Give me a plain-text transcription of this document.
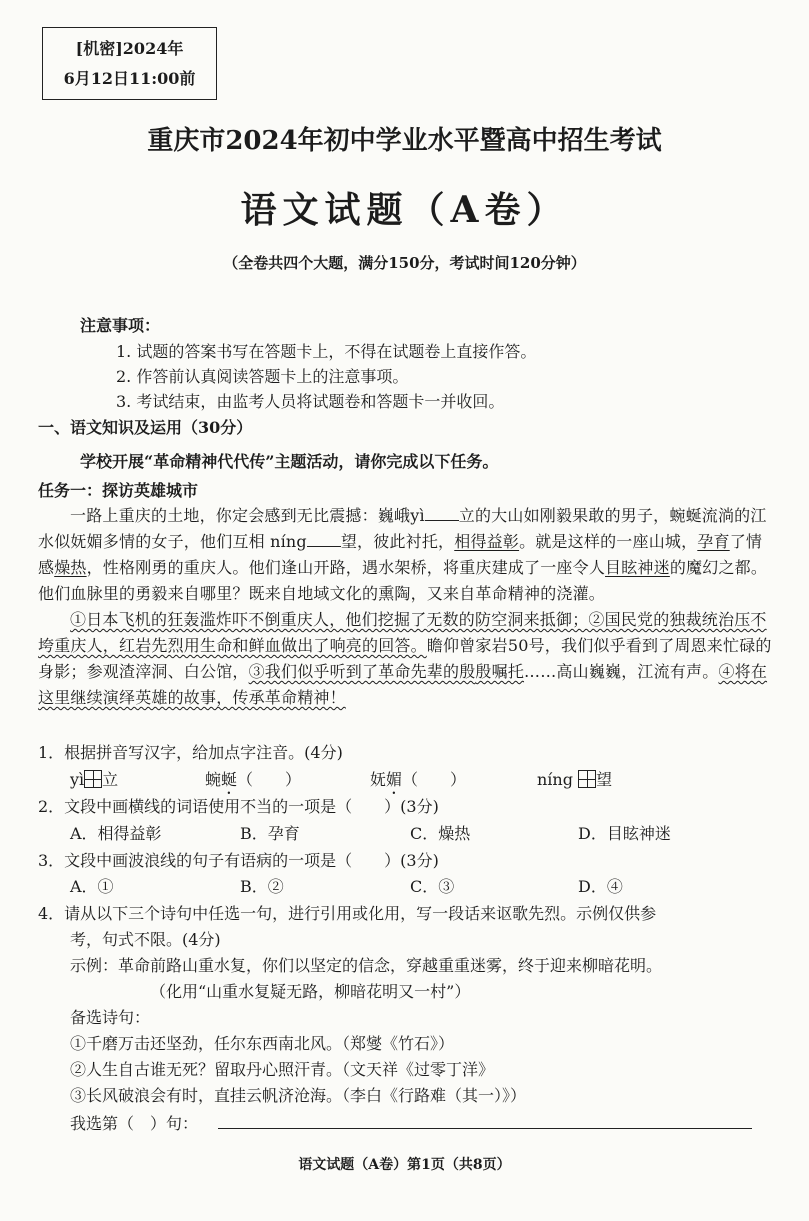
[机密]2024年
6月12日11:00前
重庆市2024年初中学业水平暨高中招生考试
语文试题（A卷）
（全卷共四个大题，满分150分，考试时间120分钟）
注意事项：
1. 试题的答案书写在答题卡上，不得在试题卷上直接作答。
2. 作答前认真阅读答题卡上的注意事项。
3. 考试结束，由监考人员将试题卷和答题卡一并收回。
一、语文知识及运用（30分）
学校开展“革命精神代代传”主题活动，请你完成以下任务。
任务一：探访英雄城市
一路上重庆的土地，你定会感到无比震撼：巍峨yì 立的大山如刚毅果敢的男子，蜿蜒流淌的江水似妩媚多情的女子，他们互相 níng 望，彼此衬托，相得益彰。就是这样的一座山城，孕育了情感燥热，性格刚勇的重庆人。他们逢山开路，遇水架桥，将重庆建成了一座令人目眩神迷的魔幻之都。他们血脉里的勇毅来自哪里？既来自地域文化的熏陶，又来自革命精神的浇灌。
①日本飞机的狂轰滥炸吓不倒重庆人，他们挖掘了无数的防空洞来抵御；②国民党的独裁统治压不垮重庆人，红岩先烈用生命和鲜血做出了响亮的回答。瞻仰曾家岩50号，我们似乎看到了周恩来忙碌的身影；参观渣滓洞、白公馆，③我们似乎听到了革命先辈的殷殷嘱托……高山巍巍，江流有声。④将在这里继续演绎英雄的故事，传承革命精神！
1．根据拼音写汉字，给加点字注音。(4分)
yì 立	蜿蜒（　　）	妩媚（　　）	níng 望
2．文段中画横线的词语使用不当的一项是（　　）(3分)
A．相得益彰	B．孕育	C．燥热	D．目眩神迷
3．文段中画波浪线的句子有语病的一项是（　　）(3分)
A．①	B．②	C．③	D．④
4．请从以下三个诗句中任选一句，进行引用或化用，写一段话来讴歌先烈。示例仅供参
考，句式不限。(4分)
示例：革命前路山重水复，你们以坚定的信念，穿越重重迷雾，终于迎来柳暗花明。
（化用“山重水复疑无路，柳暗花明又一村”）
备选诗句：
①千磨万击还坚劲，任尔东西南北风。（郑燮《竹石》）
②人生自古谁无死？留取丹心照汗青。（文天祥《过零丁洋》
③长风破浪会有时，直挂云帆济沧海。（李白《行路难（其一）》）
我选第（　）句：
语文试题（A卷）第1页（共8页）
